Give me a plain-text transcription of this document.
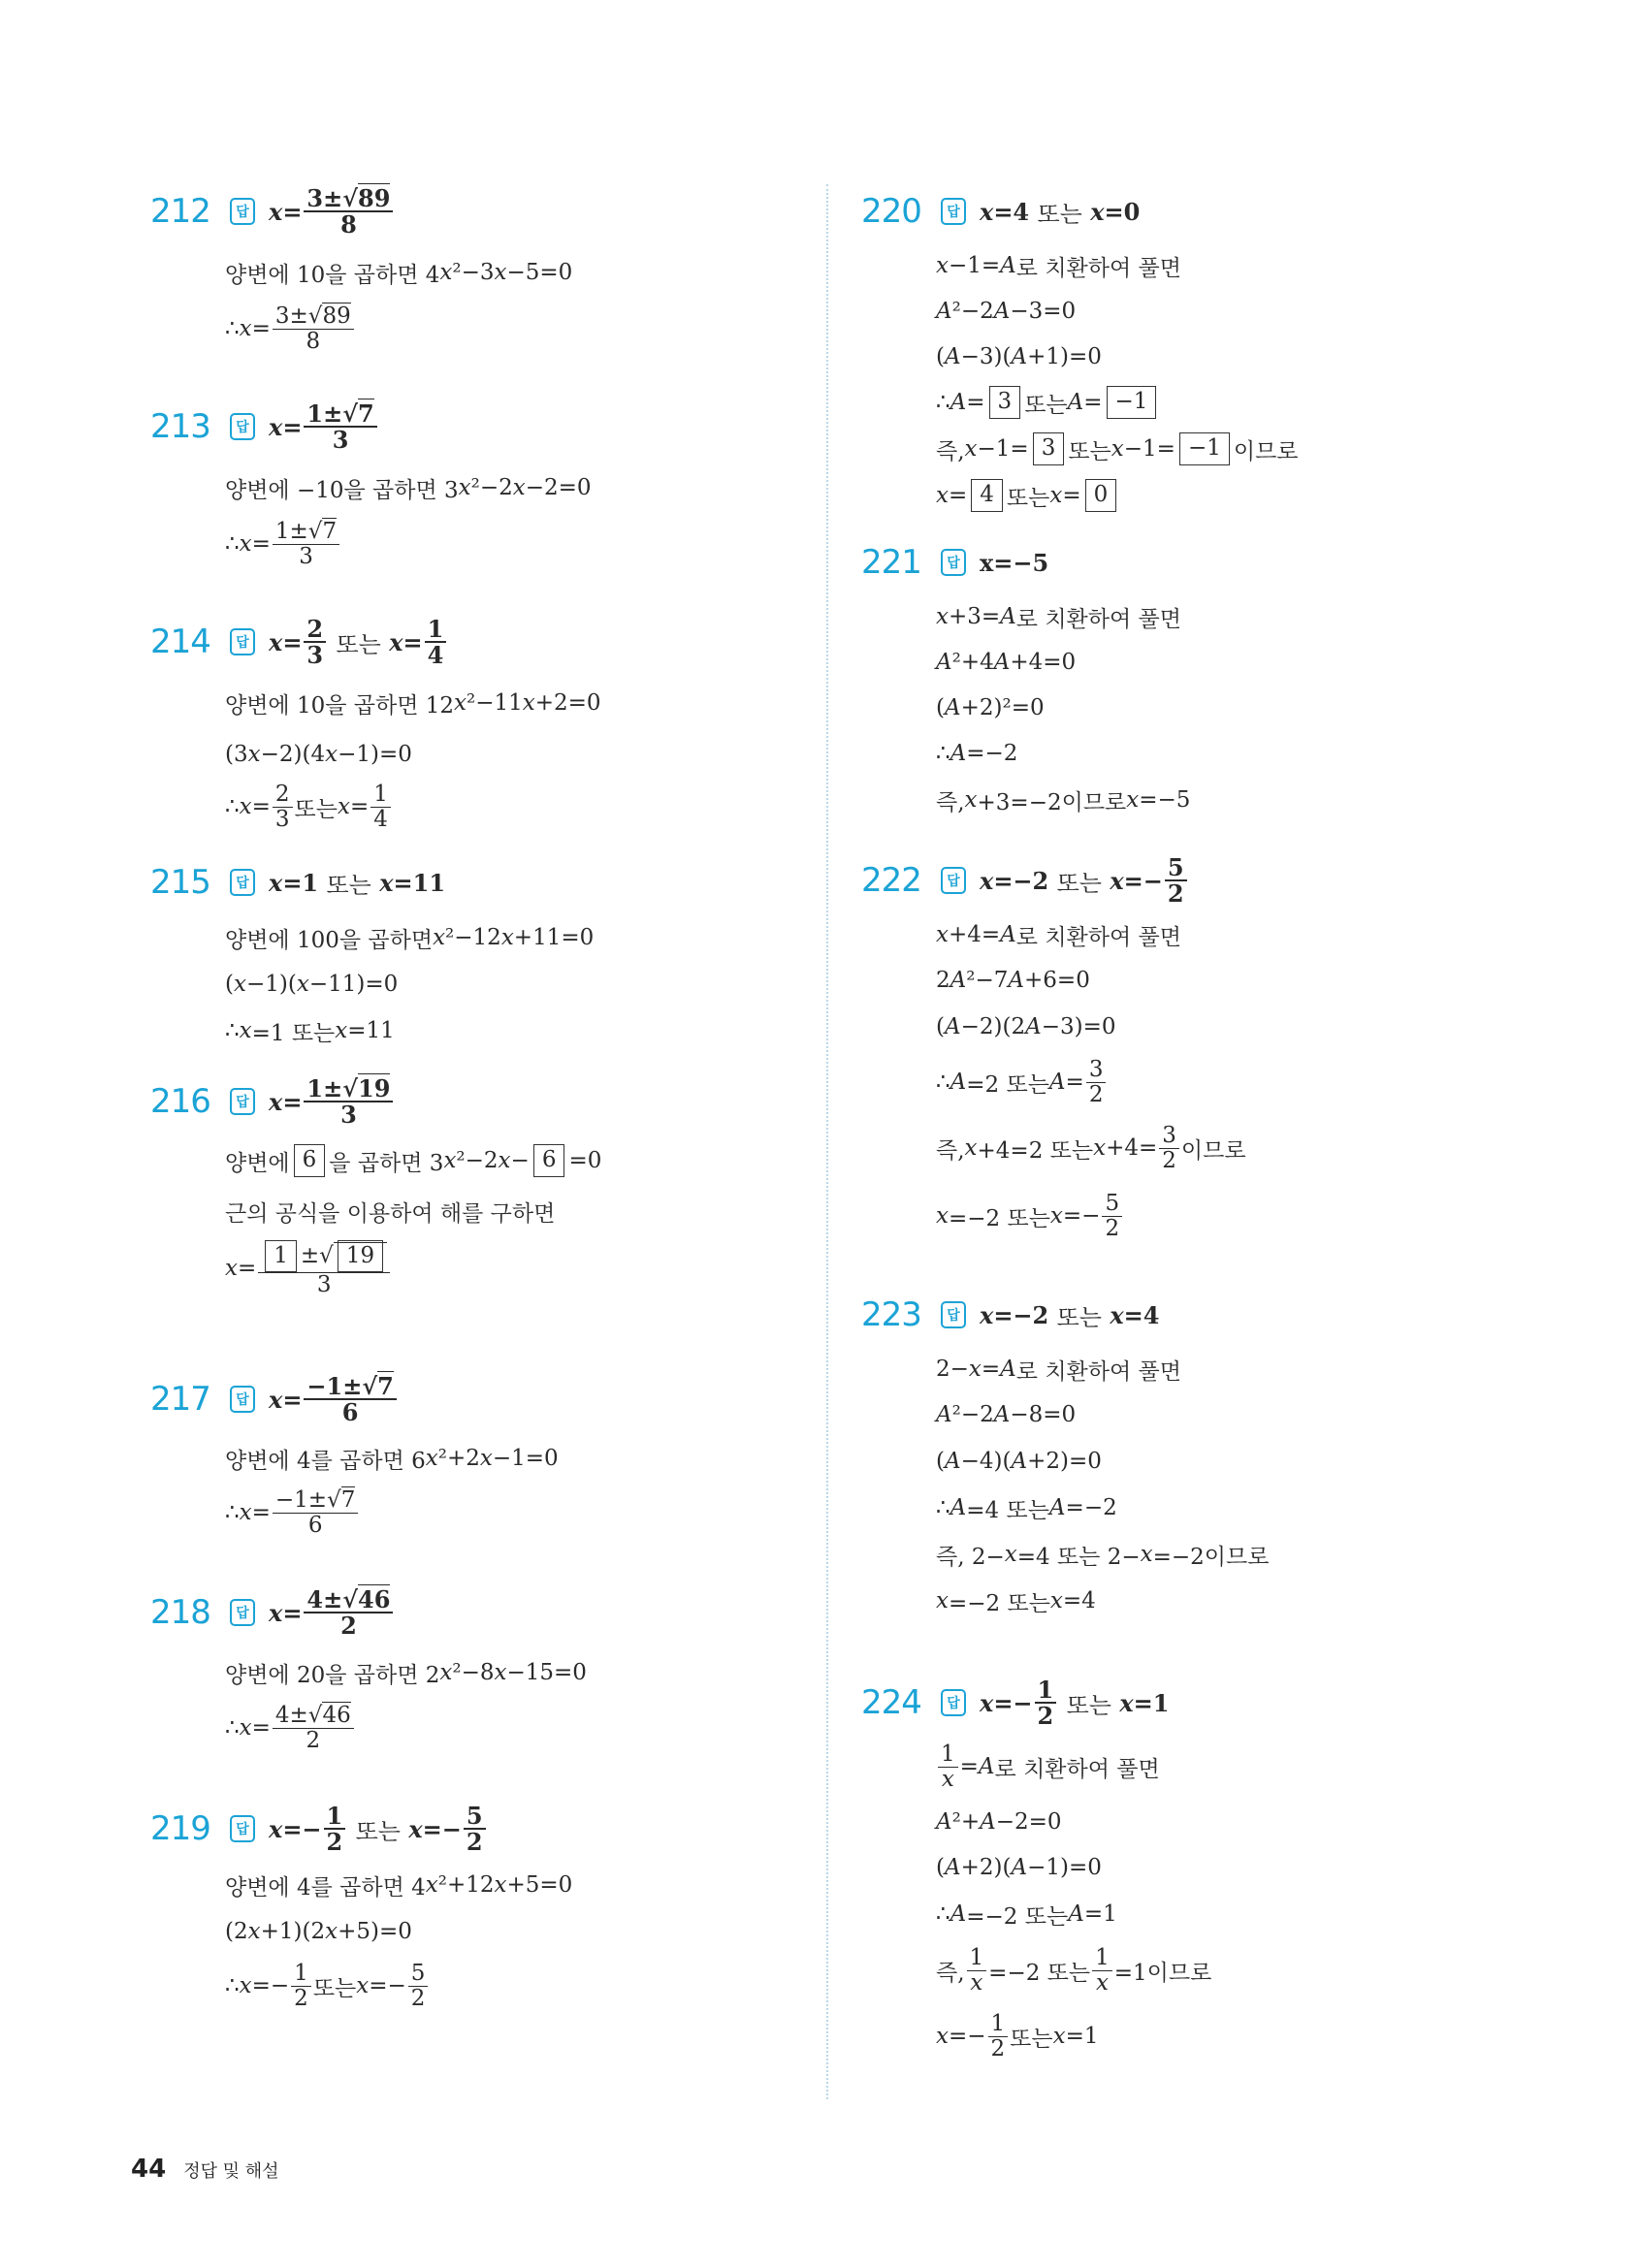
212	답 $x = \frac{3\pm√89}{8}$
양변에 10을 곱하면 4 x ²−3 x −5=0
∴ $x = \frac{3\pm√89}{8}$
213	답 $x = \frac{1\pm√7}{3}$
양변에 −10을 곱하면 3 x ²−2 x −2=0
∴ $x = \frac{1\pm√7}{3}$
214	답 $x = \frac{2}{3}$
또는
$x = \frac{1}{4}$
양변에 10을 곱하면 12 x ²−11 x +2=0
(3 x −2)(4 x −1)=0
∴ $x = \frac{2}{3}$ 또는 $x = \frac{1}{4}$
215	답 x =1 또는
x =11
양변에 100을 곱하면 x ²−12 x +11=0
( x −1)( x −11)=0
∴ x =1 또는 x =11
216	답 $x = \frac{1\pm√19}{3}$
양변에 6 을 곱하면 3 x ²−2 x − 6 =0
근의 공식을 이용하여 해를 구하면
$x = \frac{1 \pm√ 19}{3}$
217	답 $x = \frac{-1\pm√7}{6}$
양변에 4를 곱하면 6 x ²+2 x −1=0
∴ $x = \frac{-1\pm√7}{6}$
218	답 $x = \frac{4\pm√46}{2}$
양변에 20을 곱하면 2 x ²−8 x −15=0
∴ $x = \frac{4\pm√46}{2}$
219	답 $x =- \frac{1}{2}$
또는
$x =- \frac{5}{2}$
양변에 4를 곱하면 4 x ²+12 x +5=0
(2 x +1)(2 x +5)=0
∴ $x =- \frac{1}{2}$ 또는 $x =- \frac{5}{2}$
220	답 x =4 또는
x =0
x −1= A 로 치환하여 풀면
A ²−2 A −3=0
( A −3)( A +1)=0
∴ A = 3 또는 A = −1
즉, x −1= 3 또는 x −1= −1 이므로
x = 4 또는 x = 0
221	답 x=−5
x +3= A 로 치환하여 풀면
A ²+4 A +4=0
( A +2)²=0
∴ A =−2
즉, x +3=−2이므로 x =−5
222	답 x =−2 또는
$x =- \frac{5}{2}$
x +4= A 로 치환하여 풀면
2 A ²−7 A +6=0
( A −2)(2 A −3)=0
∴ A =2 또는 $A = \frac{3}{2}$
즉, x +4=2 또는 $x +4= \frac{3}{2}$ 이므로
x =−2 또는 $x =- \frac{5}{2}$
223	답 x =−2 또는
x =4
2− x = A 로 치환하여 풀면
A ²−2 A −8=0
( A −4)( A +2)=0
∴ A =4 또는 A =−2
즉, 2− x =4 또는 2− x =−2이므로
x =−2 또는 x =4
224	답 $x =- \frac{1}{2}$
또는
x =1
$\frac{1}{x} = A$ 로 치환하여 풀면
A ²+ A −2=0
( A +2)( A −1)=0
∴ A =−2 또는 A =1
즉, $\frac{1}{x} =-2$ 또는 $\frac{1}{x} =1$이므로
$x =- \frac{1}{2}$ 또는 x =1
44 정답 및 해설
